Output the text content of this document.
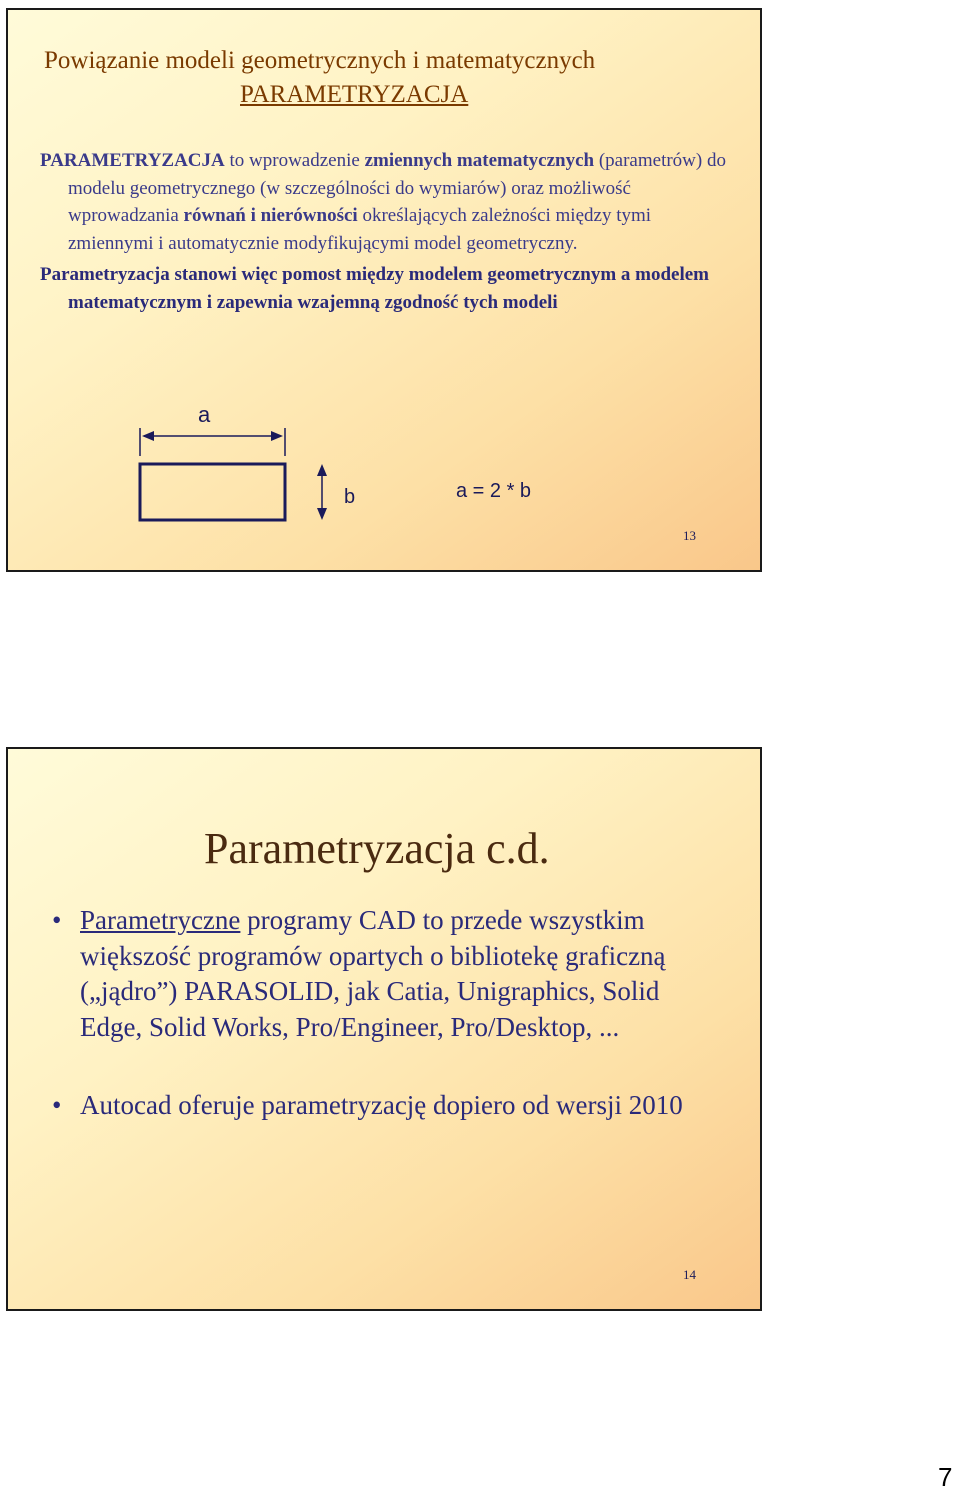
Powiązanie modeli geometrycznych i matematycznych
PARAMETRYZACJA

PARAMETRYZACJA to wprowadzenie zmiennych matematycznych (parametrów) do modelu geometrycznego (w szczególności do wymiarów) oraz możliwość wprowadzania równań i nierówności określających zależności między tymi zmiennymi i automatycznie modyfikującymi model geometryczny.

Parametryzacja stanowi więc pomost między modelem geometrycznym a modelem matematycznym i zapewnia wzajemną zgodność tych modeli

a
b	a = 2 * b
13
Parametryzacja c.d.
• Parametryczne programy CAD to przede wszystkim większość programów opartych o bibliotekę graficzną („jądro”) PARASOLID, jak Catia, Unigraphics, Solid Edge, Solid Works, Pro/Engineer, Pro/Desktop, ...
• Autocad oferuje parametryzację dopiero od wersji 2010
14
7
